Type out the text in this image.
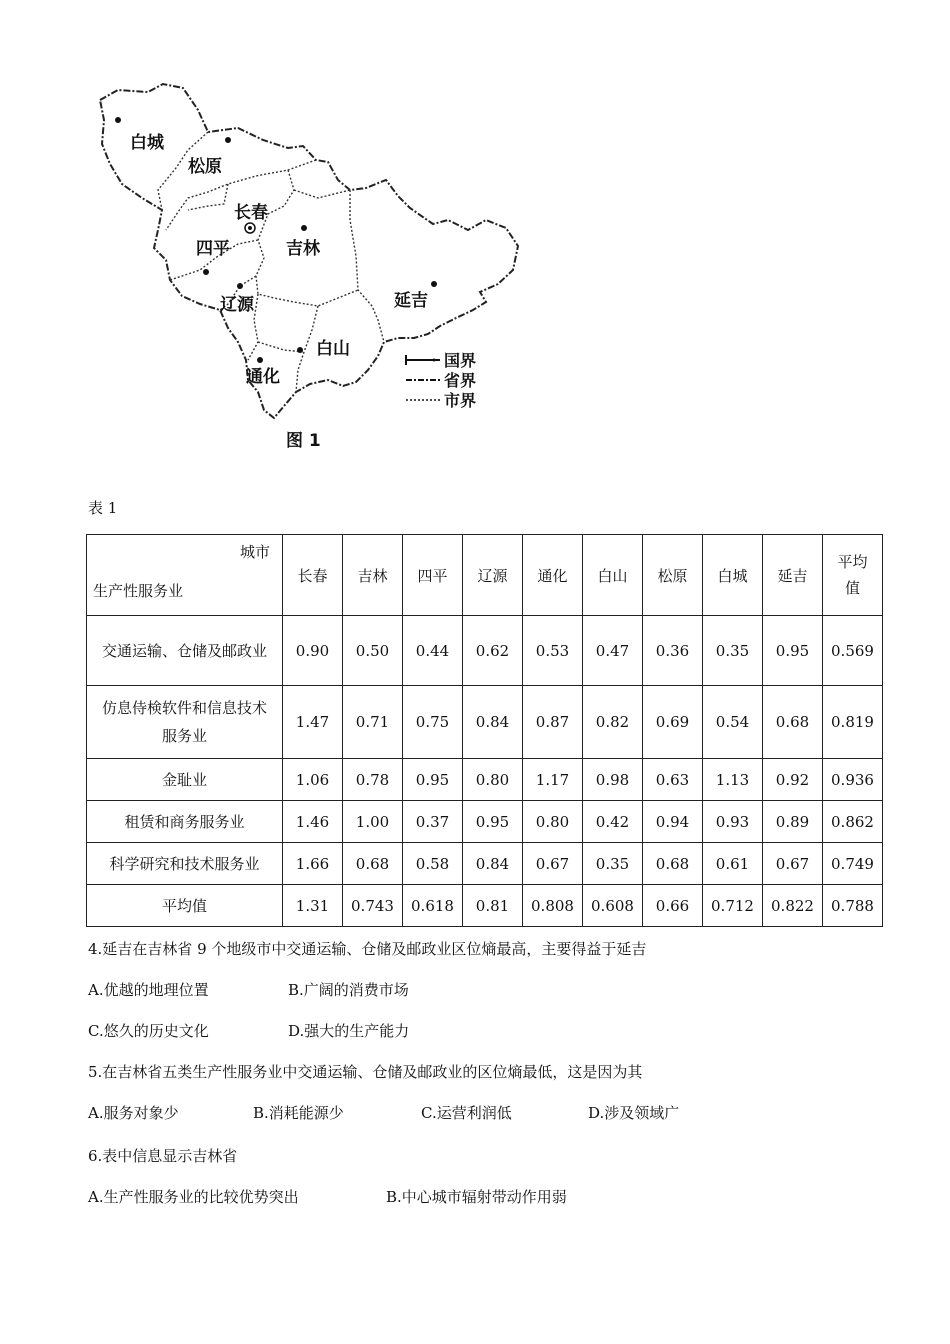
白城
松原
长春
吉林
四平
辽源	延吉
白山
通化
国界
省界
市界
图 1
表 1
城市
生产性服务业	长春	吉林	四平	辽源	通化	白山	松原	白城	延吉	平均值
交通运输、仓储及邮政业	0.90	0.50	0.44	0.62	0.53	0.47	0.36	0.35	0.95	0.569
仿息侍検软件和信息技术服务业	1.47	0.71	0.75	0.84	0.87	0.82	0.69	0.54	0.68	0.819
金耻业	1.06	0.78	0.95	0.80	1.17	0.98	0.63	1.13	0.92	0.936
租赁和商务服务业	1.46	1.00	0.37	0.95	0.80	0.42	0.94	0.93	0.89	0.862
科学研究和技术服务业	1.66	0.68	0.58	0.84	0.67	0.35	0.68	0.61	0.67	0.749
平均值	1.31	0.743	0.618	0.81	0.808	0.608	0.66	0.712	0.822	0.788
4.延吉在吉林省 9 个地级市中交通运输、仓储及邮政业区位熵最高，主要得益于延吉
A.优越的地理位置	B.广阔的消费市场
C.悠久的历史文化	D.强大的生产能力
5.在吉林省五类生产性服务业中交通运输、仓储及邮政业的区位熵最低，这是因为其
A.服务对象少	B.消耗能源少	C.运营利润低	D.涉及领域广
6.表中信息显示吉林省
A.生产性服务业的比较优势突出	B.中心城市辐射带动作用弱
